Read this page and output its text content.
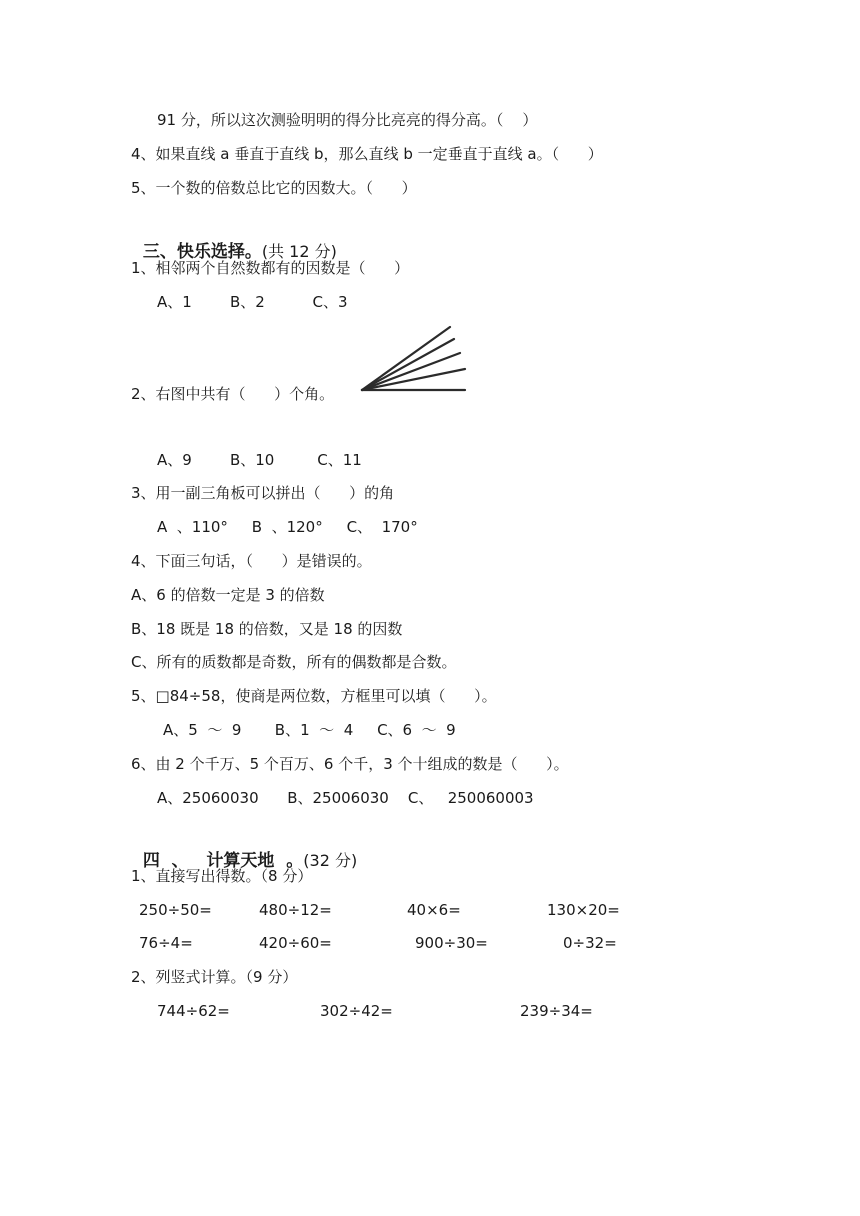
91 分，所以这次测验明明的得分比亮亮的得分高。（    ）
4、如果直线 a 垂直于直线 b，那么直线 b 一定垂直于直线 a。（      ）
5、一个数的倍数总比它的因数大。（      ）

三、快乐选择。(共 12 分)

1、相邻两个自然数都有的因数是（      ）
A、1        B、2          C、3
2、右图中共有（      ）个角。
A、9        B、10         C、11
3、用一副三角板可以拼出（      ）的角
A  、110°     B  、120°     C、  170°
4、下面三句话，（      ）是错误的。
A、6 的倍数一定是 3 的倍数
B、18 既是 18 的倍数，又是 18 的因数
C、所有的质数都是奇数，所有的偶数都是合数。
5、□84÷58，使商是两位数，方框里可以填（      ）。
A、5  ～  9       B、1  ～  4     C、6  ～  9
6、由 2 个千万、5 个百万、6 个千，3 个十组成的数是（      ）。
A、25060030      B、25006030    C、   250060003

四  、   计算天地  。(32 分)

1、直接写出得数。（8 分）
250÷50=	480÷12=	40×6=	130×20=
76÷4=	420÷60=	900÷30=	0÷32=
2、列竖式计算。（9 分）
744÷62=	302÷42=	239÷34=
